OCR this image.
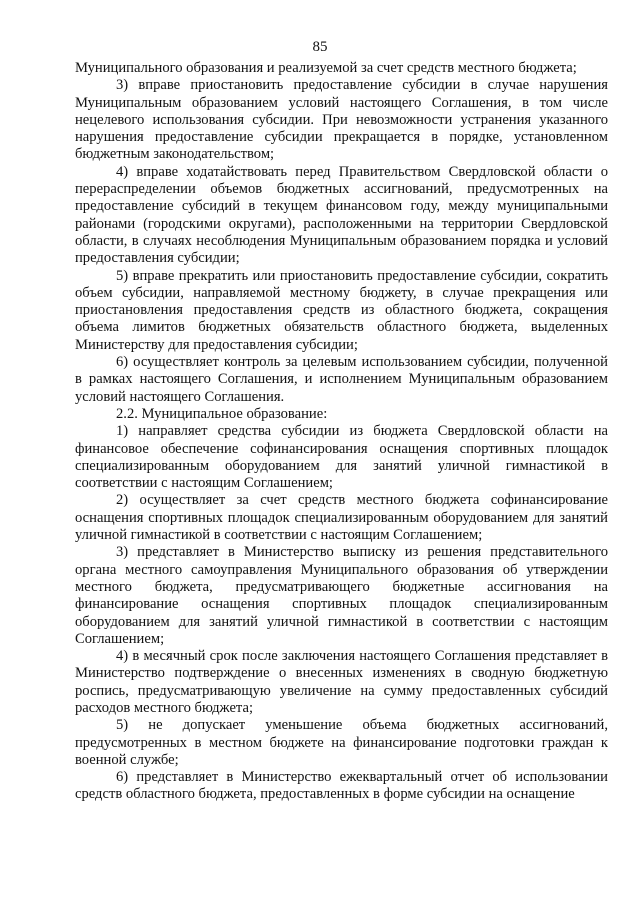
85

Муниципального образования и реализуемой за счет средств местного бюджета;

3) вправе приостановить предоставление субсидии в случае нарушения Муниципальным образованием условий настоящего Соглашения, в том числе нецелевого использования субсидии. При невозможности устранения указанного нарушения предоставление субсидии прекращается в порядке, установленном бюджетным законодательством;

4) вправе ходатайствовать перед Правительством Свердловской области о перераспределении объемов бюджетных ассигнований, предусмотренных на предоставление субсидий в текущем финансовом году, между муниципальными районами (городскими округами), расположенными на территории Свердловской области, в случаях несоблюдения Муниципальным образованием порядка и условий предоставления субсидии;

5) вправе прекратить или приостановить предоставление субсидии, сократить объем субсидии, направляемой местному бюджету, в случае прекращения или приостановления предоставления средств из областного бюджета, сокращения объема лимитов бюджетных обязательств областного бюджета, выделенных Министерству для предоставления субсидии;

6) осуществляет контроль за целевым использованием субсидии, полученной в рамках настоящего Соглашения, и исполнением Муниципальным образованием условий настоящего Соглашения.

2.2. Муниципальное образование:

1) направляет средства субсидии из бюджета Свердловской области на финансовое обеспечение софинансирования оснащения спортивных площадок специализированным оборудованием для занятий уличной гимнастикой в соответствии с настоящим Соглашением;

2) осуществляет за счет средств местного бюджета софинансирование оснащения спортивных площадок специализированным оборудованием для занятий уличной гимнастикой в соответствии с настоящим Соглашением;

3) представляет в Министерство выписку из решения представительного органа местного самоуправления Муниципального образования об утверждении местного бюджета, предусматривающего бюджетные ассигнования на финансирование оснащения спортивных площадок специализированным оборудованием для занятий уличной гимнастикой в соответствии с настоящим Соглашением;

4) в месячный срок после заключения настоящего Соглашения представляет в Министерство подтверждение о внесенных изменениях в сводную бюджетную роспись, предусматривающую увеличение на сумму предоставленных субсидий расходов местного бюджета;

5) не допускает уменьшение объема бюджетных ассигнований, предусмотренных в местном бюджете на финансирование подготовки граждан к военной службе;

6) представляет в Министерство ежеквартальный отчет об использовании средств областного бюджета, предоставленных в форме субсидии на оснащение
